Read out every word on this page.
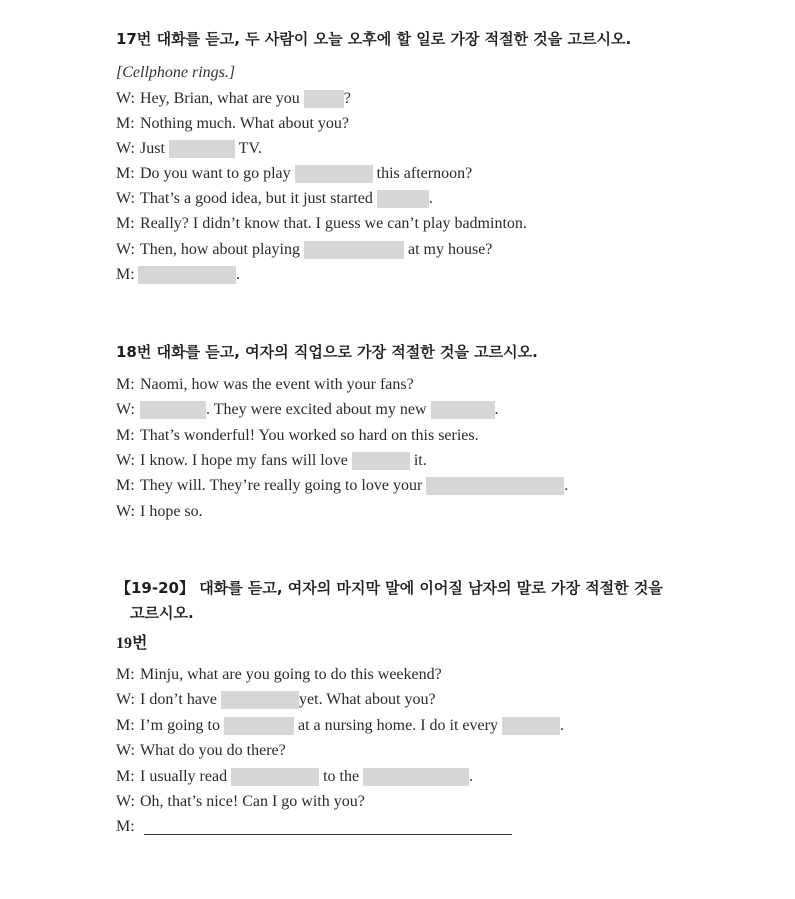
17번 대화를 듣고, 두 사람이 오늘 오후에 할 일로 가장 적절한 것을 고르시오.
[Cellphone rings.]
W: Hey, Brian, what are you	?
M: Nothing much. What about you?
W: Just	TV.
M: Do you want to go play	this afternoon?
W: That’s a good idea, but it just started	.
M: Really? I didn’t know that. I guess we can’t play badminton.
W: Then, how about playing	at my house?
M:	.
18번 대화를 듣고, 여자의 직업으로 가장 적절한 것을 고르시오.
M: Naomi, how was the event with your fans?
W:	. They were excited about my new	.
M: That’s wonderful! You worked so hard on this series.
W: I know. I hope my fans will love	it.
M: They will. They’re really going to love your	.
W: I hope so.
【19-20】 대화를 듣고, 여자의 마지막 말에 이어질 남자의 말로 가장 적절한 것을
고르시오.
19번
M: Minju, what are you going to do this weekend?
W: I don’t have	yet. What about you?
M: I’m going to	at a nursing home. I do it every	.
W: What do you do there?
M: I usually read	to the	.
W: Oh, that’s nice! Can I go with you?
M:
